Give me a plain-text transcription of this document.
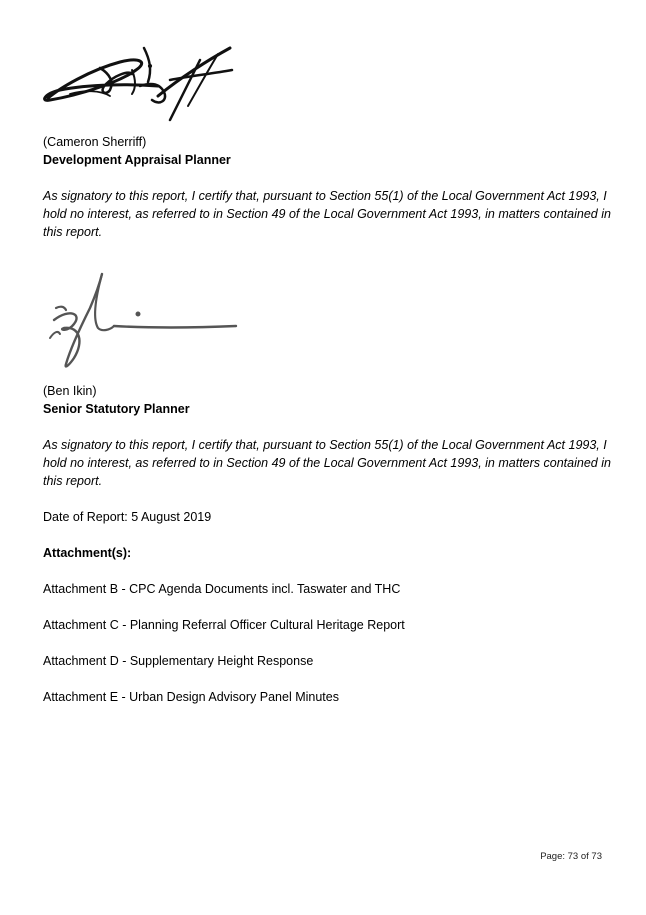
(Cameron Sherriff)

Development Appraisal Planner

As signatory to this report, I certify that, pursuant to Section 55(1) of the Local Government Act 1993, I hold no interest, as referred to in Section 49 of the Local Government Act 1993, in matters contained in this report.

(Ben Ikin)

Senior Statutory Planner

As signatory to this report, I certify that, pursuant to Section 55(1) of the Local Government Act 1993, I hold no interest, as referred to in Section 49 of the Local Government Act 1993, in matters contained in this report.

Date of Report: 5 August 2019

Attachment(s):

Attachment B - CPC Agenda Documents incl. Taswater and THC

Attachment C - Planning Referral Officer Cultural Heritage Report

Attachment D - Supplementary Height Response

Attachment E - Urban Design Advisory Panel Minutes

Page: 73 of 73
